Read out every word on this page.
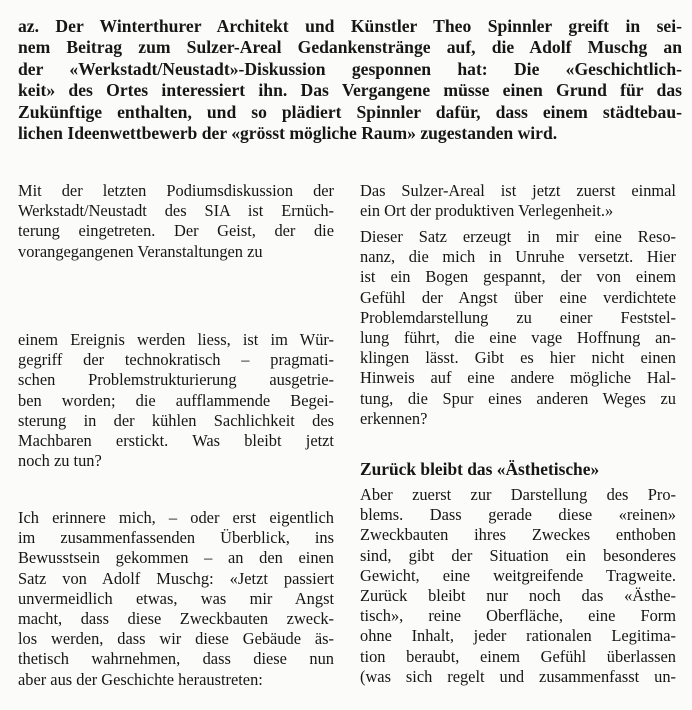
az. Der Winterthurer Architekt und Künstler Theo Spinnler greift in sei-
nem Beitrag zum Sulzer-Areal Gedankenstränge auf, die Adolf Muschg an
der «Werkstadt/Neustadt»-Diskussion gesponnen hat: Die «Geschichtlich-
keit» des Ortes interessiert ihn. Das Vergangene müsse einen Grund für das
Zukünftige enthalten, und so plädiert Spinnler dafür, dass einem städtebau-
lichen Ideenwettbewerb der «grösst mögliche Raum» zugestanden wird.
Mit der letzten Podiumsdiskussion der
Werkstadt/Neustadt des SIA ist Ernüch-
terung eingetreten. Der Geist, der die
vorangegangenen Veranstaltungen zu
einem Ereignis werden liess, ist im Wür-
gegriff der technokratisch – pragmati-
schen Problemstrukturierung ausgetrie-
ben worden; die aufflammende Begei-
sterung in der kühlen Sachlichkeit des
Machbaren erstickt. Was bleibt jetzt
noch zu tun?
Ich erinnere mich, – oder erst eigentlich
im zusammenfassenden Überblick, ins
Bewusstsein gekommen – an den einen
Satz von Adolf Muschg: «Jetzt passiert
unvermeidlich etwas, was mir Angst
macht, dass diese Zweckbauten zweck-
los werden, dass wir diese Gebäude äs-
thetisch wahrnehmen, dass diese nun
aber aus der Geschichte heraustreten:
Das Sulzer-Areal ist jetzt zuerst einmal
ein Ort der produktiven Verlegenheit.»
Dieser Satz erzeugt in mir eine Reso-
nanz, die mich in Unruhe versetzt. Hier
ist ein Bogen gespannt, der von einem
Gefühl der Angst über eine verdichtete
Problemdarstellung zu einer Feststel-
lung führt, die eine vage Hoffnung an-
klingen lässt. Gibt es hier nicht einen
Hinweis auf eine andere mögliche Hal-
tung, die Spur eines anderen Weges zu
erkennen?
Zurück bleibt das «Ästhetische»
Aber zuerst zur Darstellung des Pro-
blems. Dass gerade diese «reinen»
Zweckbauten ihres Zweckes enthoben
sind, gibt der Situation ein besonderes
Gewicht, eine weitgreifende Tragweite.
Zurück bleibt nur noch das «Ästhe-
tisch», reine Oberfläche, eine Form
ohne Inhalt, jeder rationalen Legitima-
tion beraubt, einem Gefühl überlassen
(was sich regelt und zusammenfasst un-
